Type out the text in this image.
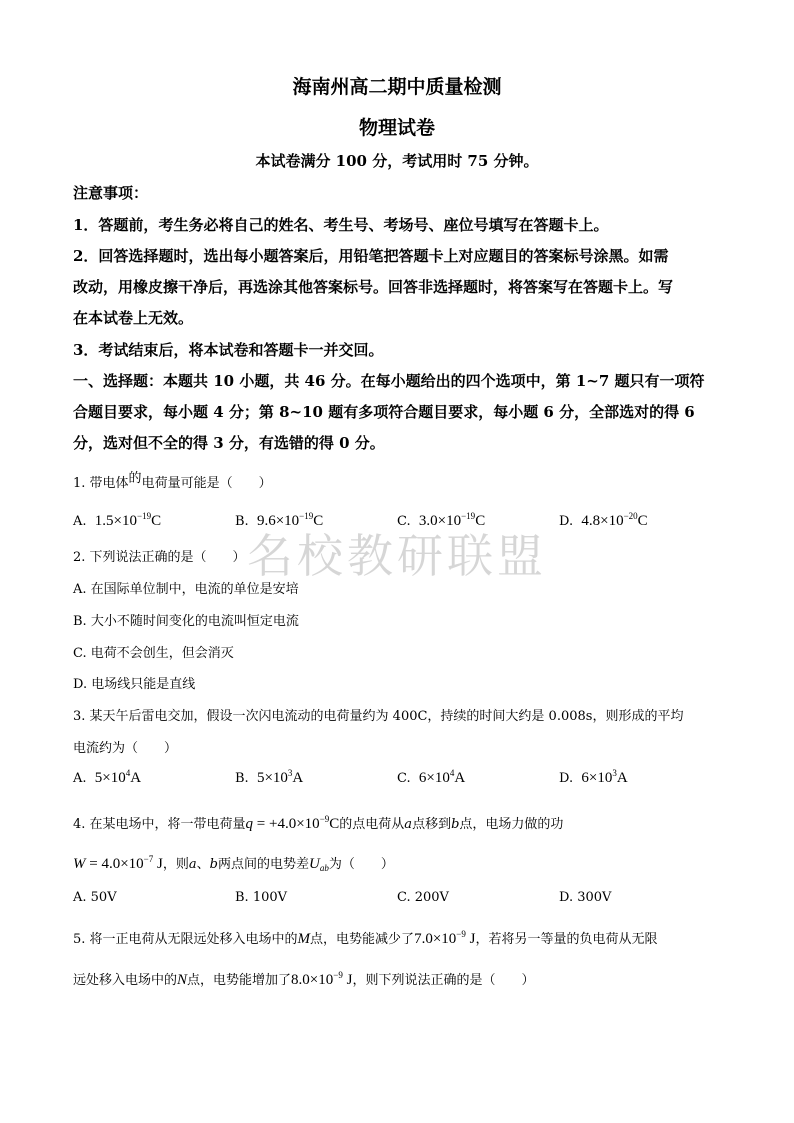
海南州高二期中质量检测
物理试卷
本试卷满分 100 分，考试用时 75 分钟。
注意事项：
1．答题前，考生务必将自己的姓名、考生号、考场号、座位号填写在答题卡上。
2．回答选择题时，选出每小题答案后，用铅笔把答题卡上对应题目的答案标号涂黑。如需
改动，用橡皮擦干净后，再选涂其他答案标号。回答非选择题时，将答案写在答题卡上。写
在本试卷上无效。
3．考试结束后，将本试卷和答题卡一并交回。
一、选择题：本题共 10 小题，共 46 分。在每小题给出的四个选项中，第 1~7 题只有一项符
合题目要求，每小题 4 分；第 8~10 题有多项符合题目要求，每小题 6 分，全部选对的得 6
分，选对但不全的得 3 分，有选错的得 0 分。
名校教研联盟
1. 带电体的电荷量可能是（　　）
A. $1.5\times 10^{-19}C$	B. $9.6\times 10^{-19}C$	C. $3.0\times 10^{-19}C$	D. $4.8\times 10^{-20}C$
2. 下列说法正确的是（　　）
A. 在国际单位制中，电流的单位是安培
B. 大小不随时间变化的电流叫恒定电流
C. 电荷不会创生，但会消灭
D. 电场线只能是直线
3. 某天午后雷电交加，假设一次闪电流动的电荷量约为 400C，持续的时间大约是 0.008s，则形成的平均
电流约为（　　）
A. $5\times 10^4A$	B. $5\times 10^3A$	C. $6\times 10^4A$	D. $6\times 10^3A$
4. 在某电场中，将一带电荷量$q = +4.0\times 10^{-9}C$的点电荷从a点移到b点，电场力做的功
$W = 4.0\times 10^{-7}$ J，则a、b两点间的电势差$U_{ab}$为（　　）
A. 50V	B. 100V	C. 200V	D. 300V
5. 将一正电荷从无限远处移入电场中的M点，电势能减少了$7.0\times 10^{-9}$ J，若将另一等量的负电荷从无限
远处移入电场中的N点，电势能增加了$8.0\times 10^{-9}$ J，则下列说法正确的是（　　）
